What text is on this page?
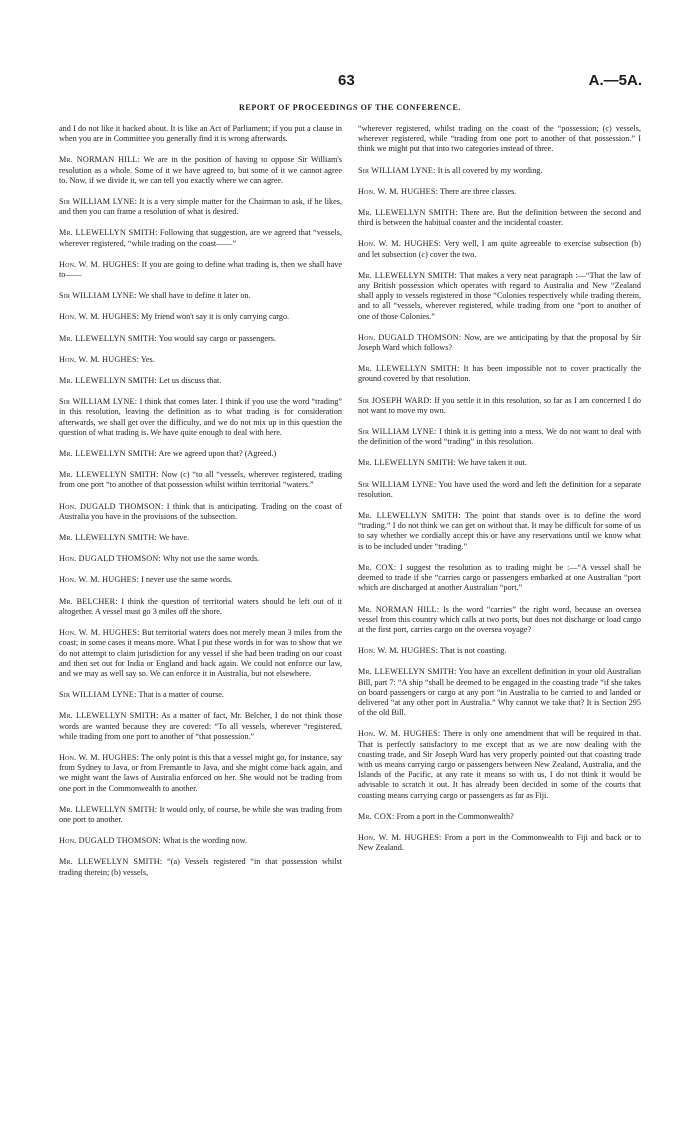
63	A.—5A.
REPORT OF PROCEEDINGS OF THE CONFERENCE.

and I do not like it backed about. It is like an Act of Parliament; if you put a clause in when you are in Committee you generally find it is wrong afterwards.

Mr. NORMAN HILL: We are in the position of having to oppose Sir William's resolution as a whole. Some of it we have agreed to, but some of it we cannot agree to. Now, if we divide it, we can tell you exactly where we can agree.

Sir WILLIAM LYNE: It is a very simple matter for the Chairman to ask, if he likes, and then you can frame a resolution of what is desired.

Mr. LLEWELLYN SMITH: Following that suggestion, are we agreed that “vessels, wherever registered, “while trading on the coast——”

Hon. W. M. HUGHES: If you are going to define what trading is, then we shall have to——

Sir WILLIAM LYNE: We shall have to define it later on.

Hon. W. M. HUGHES: My friend won't say it is only carrying cargo.

Mr. LLEWELLYN SMITH: You would say cargo or passengers.

Hon. W. M. HUGHES: Yes.

Mr. LLEWELLYN SMITH: Let us discuss that.

Sir WILLIAM LYNE: I think that comes later. I think if you use the word “trading” in this resolution, leaving the definition as to what trading is for consideration afterwards, we shall get over the difficulty, and we do not mix up in this question the question of what trading is. We have quite enough to deal with here.

Mr. LLEWELLYN SMITH: Are we agreed upon that? (Agreed.)

Mr. LLEWELLYN SMITH: Now (c) “to all “vessels, wherever registered, trading from one port “to another of that possession whilst within territorial “waters.”

Hon. DUGALD THOMSON: I think that is anticipating. Trading on the coast of Australia you have in the provisions of the subsection.

Mr. LLEWELLYN SMITH: We have.

Hon. DUGALD THOMSON: Why not use the same words.

Hon. W. M. HUGHES: I never use the same words.

Mr. BELCHER: I think the question of territorial waters should be left out of it altogether. A vessel must go 3 miles off the shore.

Hon. W. M. HUGHES: But territorial waters does not merely mean 3 miles from the coast; in some cases it means more. What I put these words in for was to show that we do not attempt to claim jurisdiction for any vessel if she had been trading on our coast and then set out for India or England and back again. We could not enforce our law, and we may as well say so. We can enforce it in Australia, but not elsewhere.

Sir WILLIAM LYNE: That is a matter of course.

Mr. LLEWELLYN SMITH: As a matter of fact, Mr. Belcher, I do not think those words are wanted because they are covered: “To all vessels, wherever “registered, while trading from one port to another of “that possession.”

Hon. W. M. HUGHES: The only point is this that a vessel might go, for instance, say from Sydney to Java, or from Fremantle to Java, and she might come back again, and we might want the laws of Australia enforced on her. She would not be trading from one port in the Commonwealth to another.

Mr. LLEWELLYN SMITH: It would only, of course, be while she was trading from one port to another.

Hon. DUGALD THOMSON: What is the wording now.

Mr. LLEWELLYN SMITH: “(a) Vessels registered “in that possession whilst trading therein; (b) vessels,

“wherever registered, whilst trading on the coast of the “possession; (c) vessels, wherever registered, while “trading from one port to another of that possession.” I think we might put that into two categories instead of three.

Sir WILLIAM LYNE: It is all covered by my wording.

Hon. W. M. HUGHES: There are three classes.

Mr. LLEWELLYN SMITH: There are. But the definition between the second and third is between the habitual coaster and the incidental coaster.

Hon. W. M. HUGHES: Very well, I am quite agreeable to exercise subsection (b) and let subsection (c) cover the two.

Mr. LLEWELLYN SMITH: That makes a very neat paragraph :—“That the law of any British possession which operates with regard to Australia and New “Zealand shall apply to vessels registered in those “Colonies respectively while trading therein, and to all “vessels, wherever registered, while trading from one “port to another of one of those Colonies.”

Hon. DUGALD THOMSON: Now, are we anticipating by that the proposal by Sir Joseph Ward which follows?

Mr. LLEWELLYN SMITH: It has been impossible not to cover practically the ground covered by that resolution.

Sir JOSEPH WARD: If you settle it in this resolution, so far as I am concerned I do not want to move my own.

Sir WILLIAM LYNE: I think it is getting into a mess. We do not want to deal with the definition of the word “trading” in this resolution.

Mr. LLEWELLYN SMITH: We have taken it out.

Sir WILLIAM LYNE: You have used the word and left the definition for a separate resolution.

Mr. LLEWELLYN SMITH: The point that stands over is to define the word “trading.” I do not think we can get on without that. It may be difficult for some of us to say whether we cordially accept this or have any reservations until we know what is to be included under “trading.”

Mr. COX: I suggest the resolution as to trading might be :—“A vessel shall be deemed to trade if she “carries cargo or passengers embarked at one Australian “port which are discharged at another Australian “port.”

Mr. NORMAN HILL: Is the word “carries” the right word, because an oversea vessel from this country which calls at two ports, but does not discharge or load cargo at the first port, carries cargo on the oversea voyage?

Hon. W. M. HUGHES: That is not coasting.

Mr. LLEWELLYN SMITH: You have an excellent definition in your old Australian Bill, part 7: “A ship “shall be deemed to be engaged in the coasting trade “if she takes on board passengers or cargo at any port “in Australia to be carried to and landed or delivered “at any other port in Australia.” Why cannot we take that? It is Section 295 of the old Bill.

Hon. W. M. HUGHES: There is only one amendment that will be required in that. That is perfectly satisfactory to me except that as we are now dealing with the coasting trade, and Sir Joseph Ward has very properly pointed out that coasting trade with us means carrying cargo or passengers between New Zealand, Australia, and the Islands of the Pacific, at any rate it means so with us, I do not think it would be advisable to scratch it out. It has already been decided in some of the courts that coasting means carrying cargo or passengers as far as Fiji.

Mr. COX: From a port in the Commonwealth?

Hon. W. M. HUGHES: From a port in the Commonwealth to Fiji and back or to New Zealand.
